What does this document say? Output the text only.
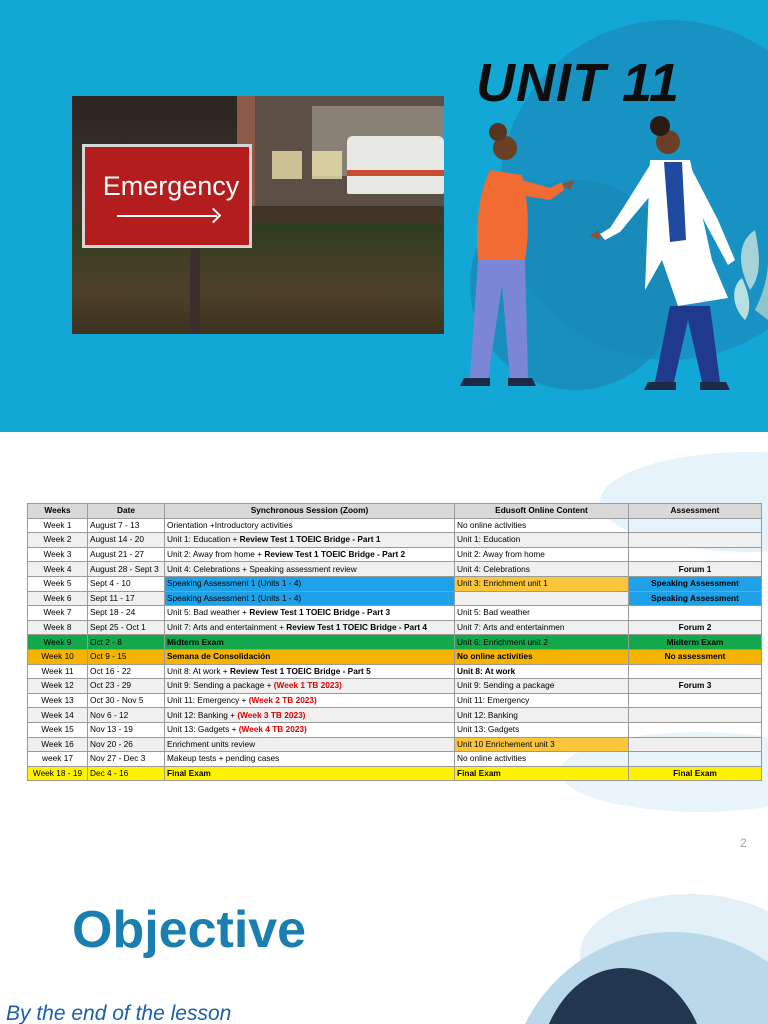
Emergency
UNIT 11
Weeks	Date	Synchronous Session (Zoom)	Edusoft Online Content	Assessment
Week 1	August 7 - 13	Orientation +Introductory activities	No online activities	
Week 2	August 14 - 20	Unit 1: Education + Review Test 1 TOEIC Bridge - Part 1	Unit 1: Education	
Week 3	August 21 - 27	Unit 2: Away from home + Review Test 1 TOEIC Bridge - Part 2	Unit 2: Away from home	
Week 4	August 28 - Sept 3	Unit 4: Celebrations + Speaking assessment review	Unit 4: Celebrations	Forum 1
Week 5	Sept 4 - 10	Speaking Assessment 1 (Units 1 - 4)	Unit 3: Enrichment unit 1	Speaking Assessment
Week 6	Sept 11 - 17	Speaking Assessment 1 (Units 1 - 4)		Speaking Assessment
Week 7	Sept 18 - 24	Unit 5: Bad weather + Review Test 1 TOEIC Bridge - Part 3	Unit 5: Bad weather	
Week 8	Sept 25 - Oct 1	Unit 7: Arts and entertainment + Review Test 1 TOEIC Bridge - Part 4	Unit 7: Arts and entertainmen	Forum 2
Week 9	Oct 2 - 8	Midterm Exam	Unit 6: Enrichment unit 2	Midterm Exam
Week 10	Oct 9 - 15	Semana de Consolidación	No online activities	No assessment
Week 11	Oct 16 - 22	Unit 8: At work + Review Test 1 TOEIC Bridge - Part 5	Unit 8: At work	
Week 12	Oct 23 - 29	Unit 9: Sending a package + (Week 1 TB 2023)	Unit 9: Sending a package	Forum 3
Week 13	Oct 30 - Nov 5	Unit 11: Emergency + (Week 2 TB 2023)	Unit 11: Emergency	
Week 14	Nov 6 - 12	Unit 12: Banking + (Week 3 TB 2023)	Unit 12: Banking	
Week 15	Nov 13 - 19	Unit 13: Gadgets + (Week 4 TB 2023)	Unit 13: Gadgets	
Week 16	Nov 20 - 26	Enrichment units review	Unit 10 Enrichement unit 3	
week 17	Nov 27 - Dec 3	Makeup tests + pending cases	No online activities	
Week 18 - 19	Dec 4 - 16	Final Exam	Final Exam	Final Exam
2
Objective
By the end of the lesson
